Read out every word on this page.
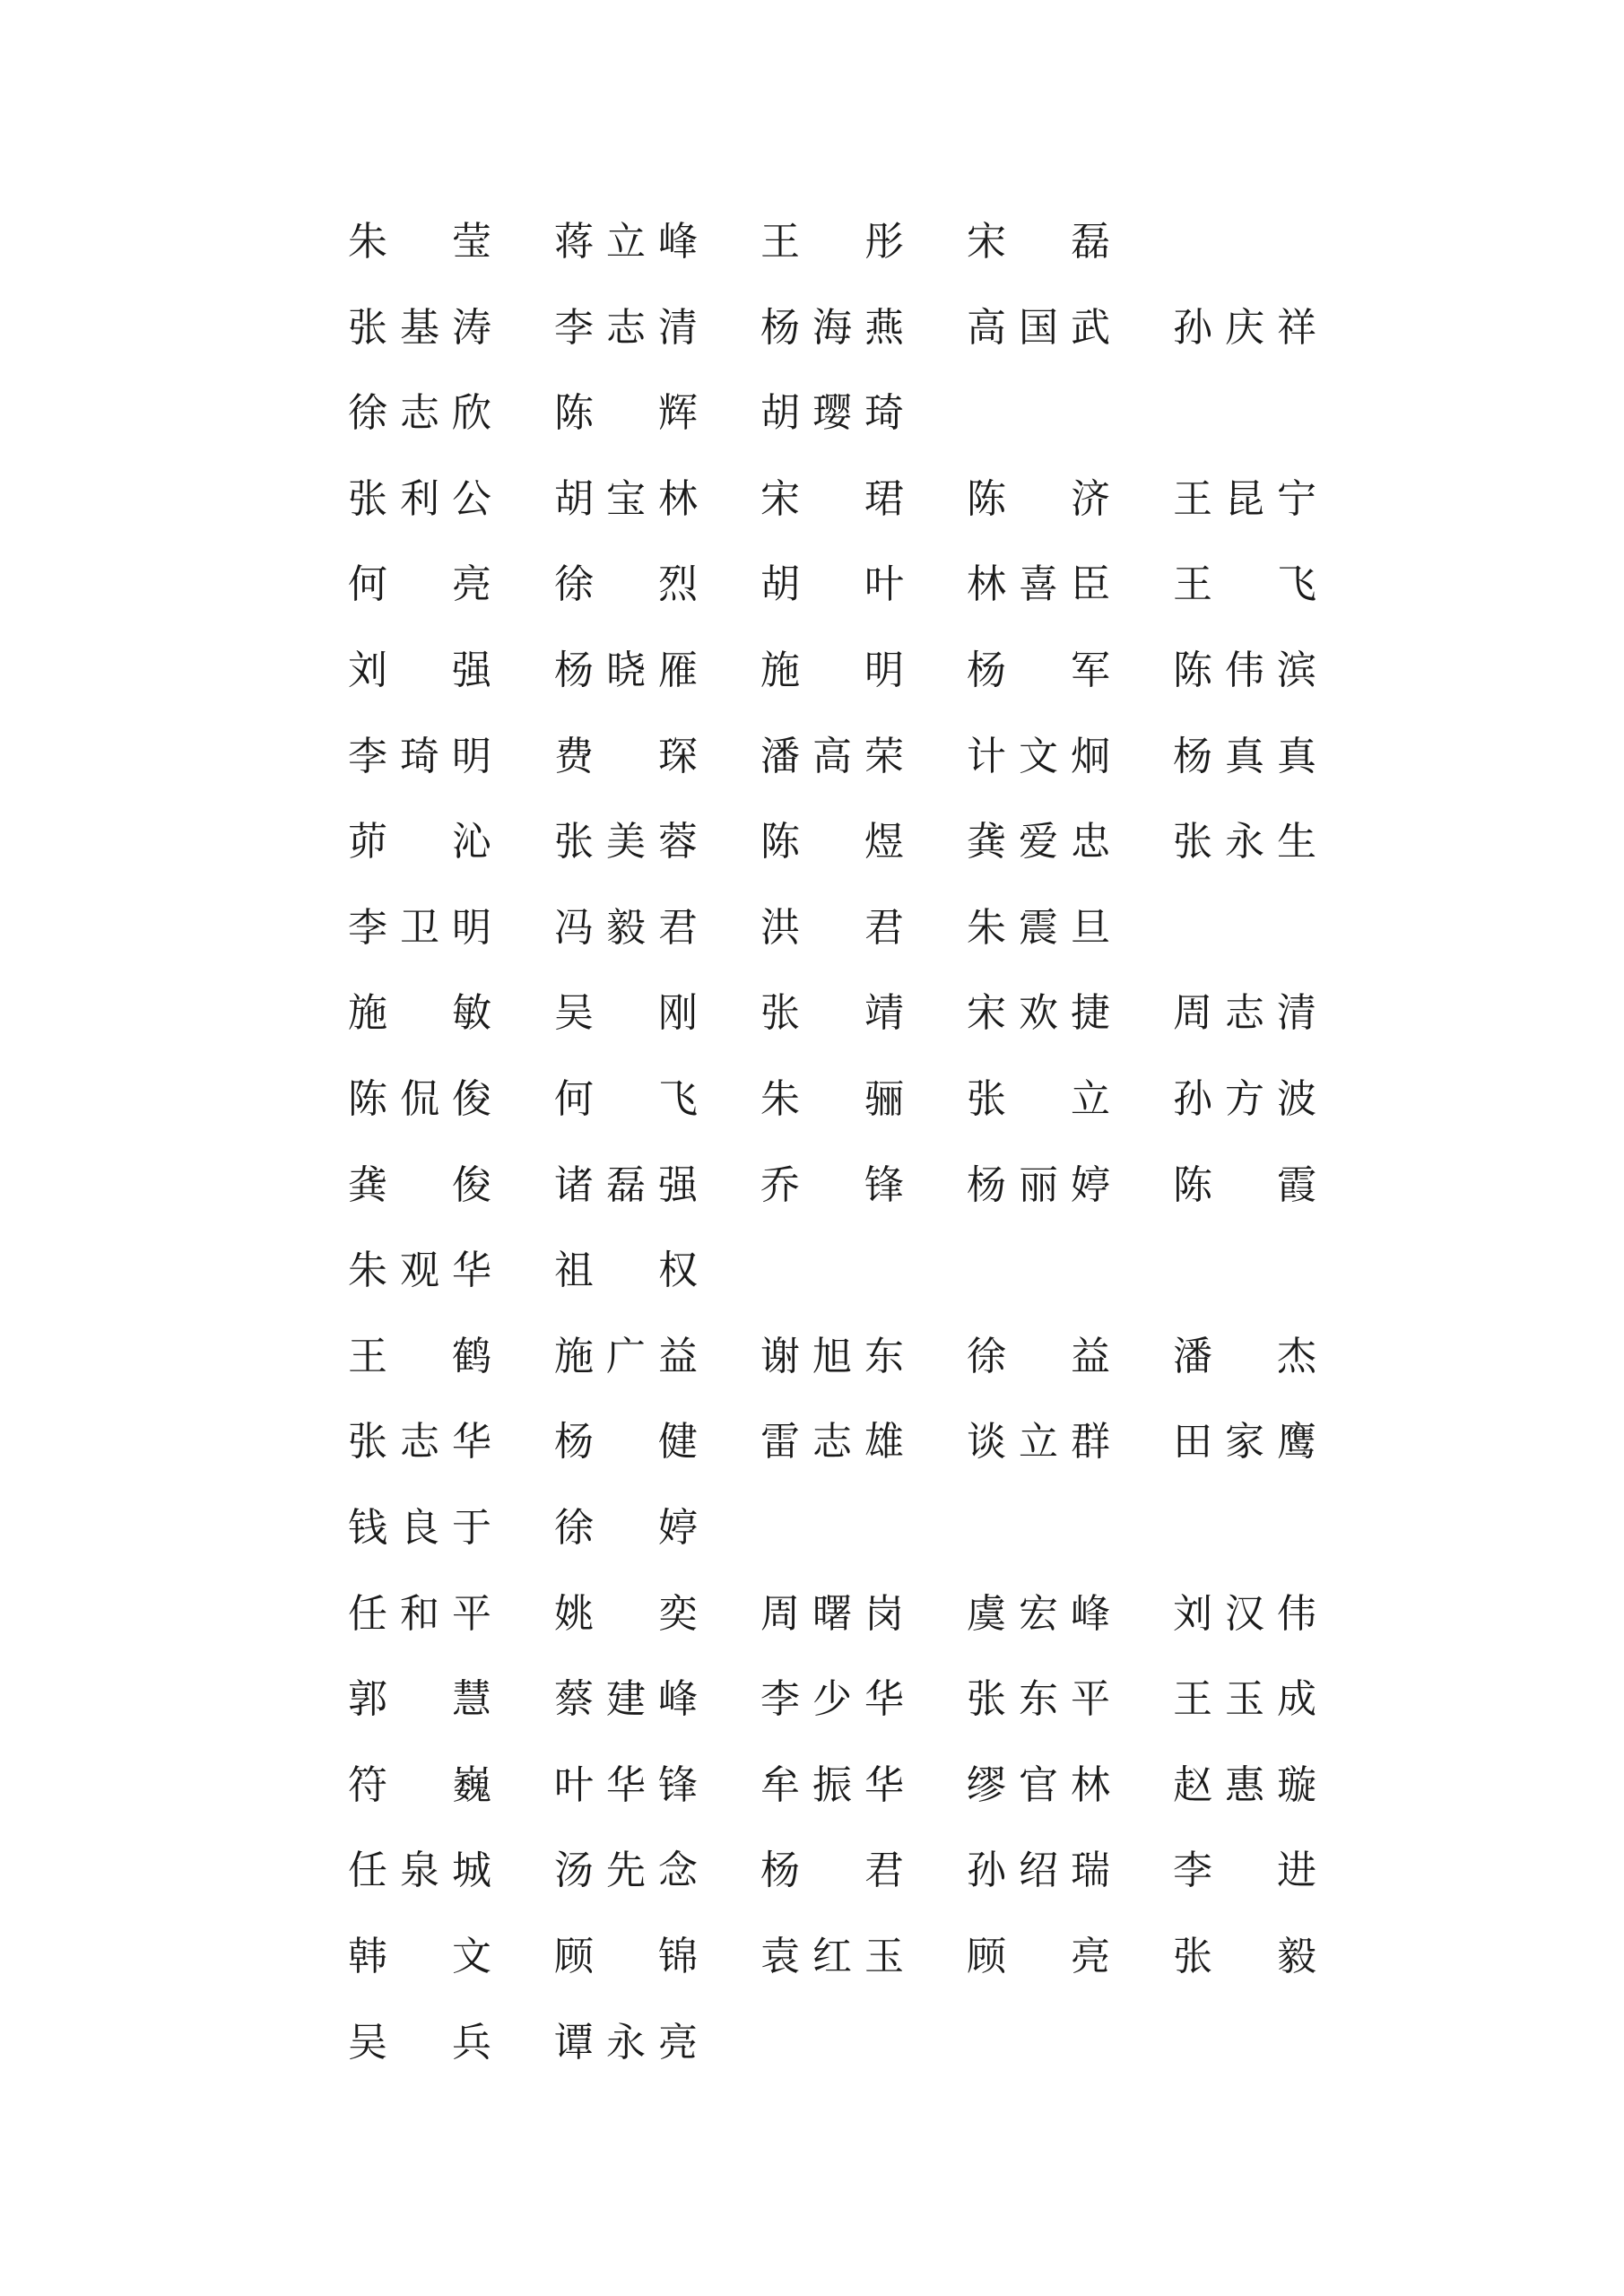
朱 莹 蒋 立 峰 王 彤 宋 磊
张 基 涛 李 志 清 杨 海 燕 高 国 武 孙 庆 祥
徐 志 欣 陈 辉 胡 璎 琦
张 利 公 胡 宝 林 宋 珺 陈 济 王 昆 宁
何 亮 徐 烈 胡 叶 林 喜 臣 王 飞
刘 强 杨 晓 雁 施 明 杨 军 陈 伟 滨
李 琦 明 费 琛 潘 高 荣 计 文 炯 杨 真 真
茆 沁 张 美 蓉 陈 煜 龚 爱 忠 张 永 生
李 卫 明 冯 毅 君 洪 君 朱 震 旦
施 敏 吴 刚 张 靖 宋 欢 捷 周 志 清
陈 侃 俊 何 飞 朱 骊 张 立 孙 方 波
龚 俊 诸 磊 强 乔 锋 杨 丽 婷 陈 霞
朱 观 华 祖 权
王 鹤 施 广 益 谢 旭 东 徐 益 潘 杰
张 志 华 杨 健 雷 志 雄 谈 立 群 田 家 鹰
钱 良 于 徐 婷
任 和 平 姚 奕 周 曙 岗 虞 宏 峰 刘 汉 伟
郭 慧 蔡 建 峰 李 少 华 张 东 平 王 玉 成
符 巍 叶 华 锋 牟 振 华 缪 官 林 赵 惠 璇
任 泉 城 汤 先 念 杨 君 孙 绍 瑞 李 进
韩 文 顾 锦 袁 红 玉 顾 亮 张 毅
吴 兵 谭 永 亮
